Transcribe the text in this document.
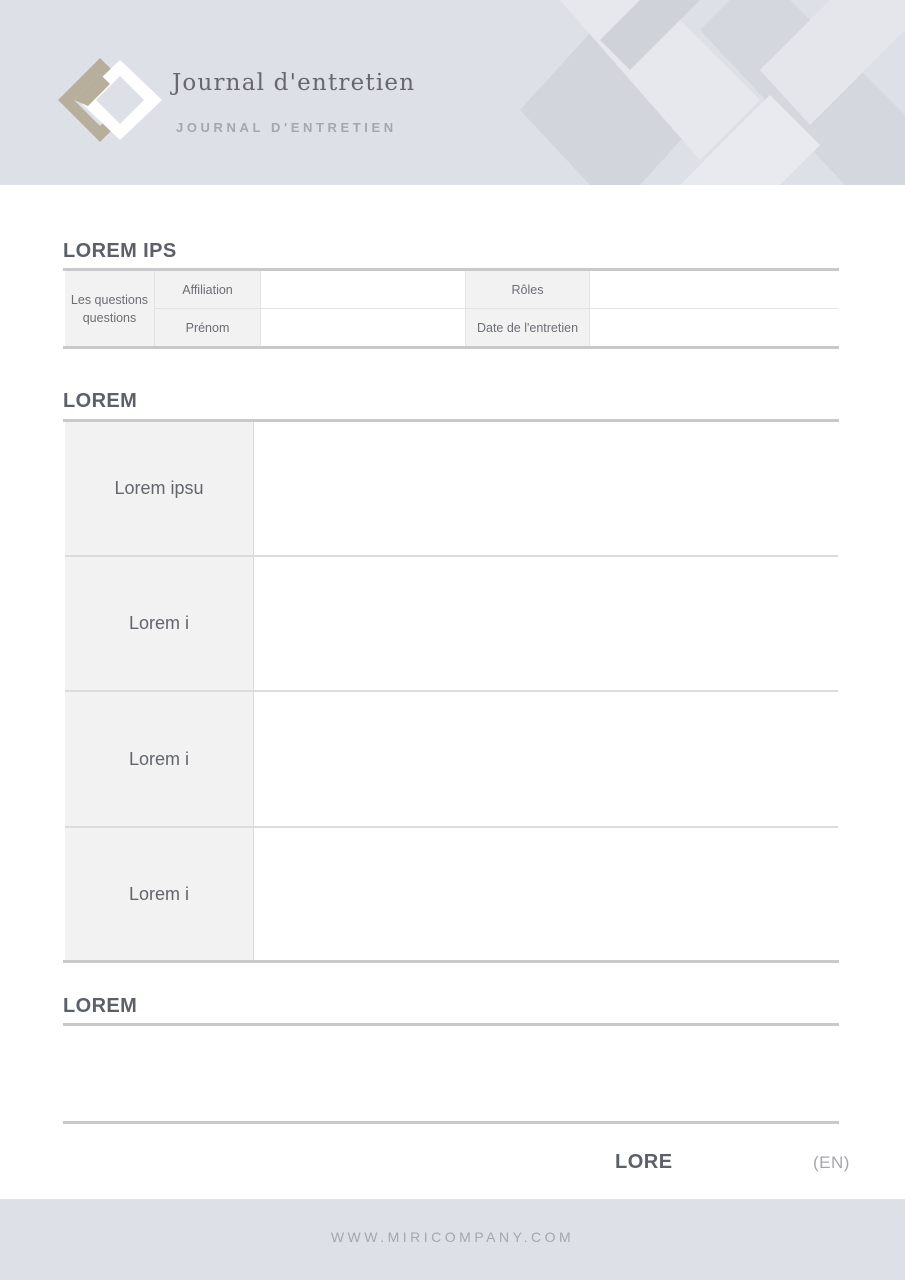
Journal d'entretien
JOURNAL D'ENTRETIEN
LOREM IPS
Les questions questions
Affiliation	Rôles
Prénom	Date de l'entretien
LOREM
Lorem ipsu
Lorem i
Lorem i
Lorem i
LOREM
LORE	(EN)
WWW.MIRICOMPANY.COM
